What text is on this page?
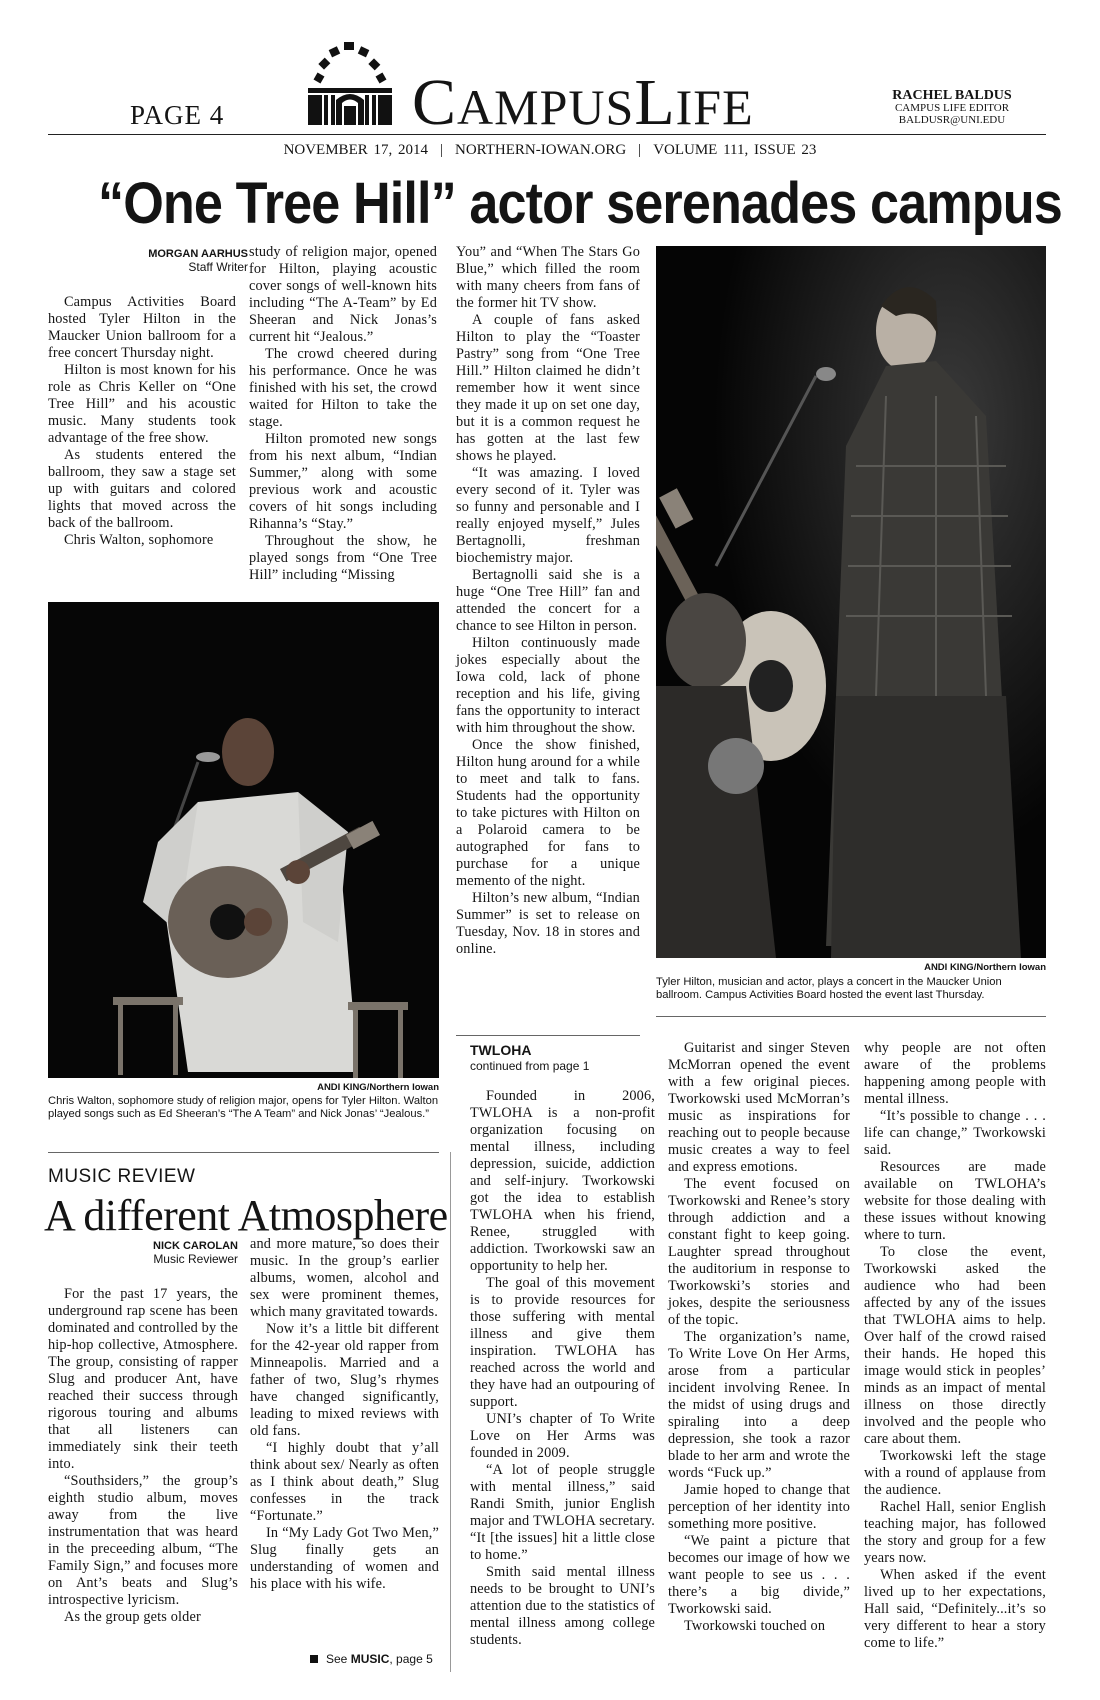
PAGE 4	CAMPUSLIFE	RACHEL BALDUS
CAMPUS LIFE EDITOR
BALDUSR@UNI.EDU
NOVEMBER 17, 2014 | NORTHERN-IOWAN.ORG | VOLUME 111, ISSUE 23
“One Tree Hill” actor serenades campus
MORGAN AARHUS
Staff Writer

Campus Activities Board hosted Tyler Hilton in the Maucker Union ballroom for a free concert Thursday night.

Hilton is most known for his role as Chris Keller on “One Tree Hill” and his acoustic music. Many students took advantage of the free show.

As students entered the ballroom, they saw a stage set up with guitars and colored lights that moved across the back of the ballroom.

Chris Walton, sophomore

study of religion major, opened for Hilton, playing acoustic cover songs of well-known hits including “The A-Team” by Ed Sheeran and Nick Jonas’s current hit “Jealous.”

The crowd cheered during his performance. Once he was finished with his set, the crowd waited for Hilton to take the stage.

Hilton promoted new songs from his next album, “Indian Summer,” along with some previous work and acoustic covers of hit songs including Rihanna’s “Stay.”

Throughout the show, he played songs from “One Tree Hill” including “Missing

You” and “When The Stars Go Blue,” which filled the room with many cheers from fans of the former hit TV show.

A couple of fans asked Hilton to play the “Toaster Pastry” song from “One Tree Hill.” Hilton claimed he didn’t remember how it went since they made it up on set one day, but it is a common request he has gotten at the last few shows he played.

“It was amazing. I loved every second of it. Tyler was so funny and personable and I really enjoyed myself,” Jules Bertagnolli, freshman biochemistry major.

Bertagnolli said she is a huge “One Tree Hill” fan and attended the concert for a chance to see Hilton in person.

Hilton continuously made jokes especially about the Iowa cold, lack of phone reception and his life, giving fans the opportunity to interact with him throughout the show.

Once the show finished, Hilton hung around for a while to meet and talk to fans. Students had the opportunity to take pictures with Hilton on a Polaroid camera to be autographed for fans to purchase for a unique memento of the night.

Hilton’s new album, “Indian Summer” is set to release on Tuesday, Nov. 18 in stores and online.

ANDI KING/Northern Iowan
Tyler Hilton, musician and actor, plays a concert in the Maucker Union ballroom. Campus Activities Board hosted the event last Thursday.
ANDI KING/Northern Iowan
Chris Walton, sophomore study of religion major, opens for Tyler Hilton. Walton played songs such as Ed Sheeran’s “The A Team” and Nick Jonas’ “Jealous.”
MUSIC REVIEW
A different Atmosphere
NICK CAROLAN
Music Reviewer

For the past 17 years, the underground rap scene has been dominated and controlled by the hip-hop collective, Atmosphere. The group, consisting of rapper Slug and producer Ant, have reached their success through rigorous touring and albums that all listeners can immediately sink their teeth into.

“Southsiders,” the group’s eighth studio album, moves away from the live instrumentation that was heard in the preceeding album, “The Family Sign,” and focuses more on Ant’s beats and Slug’s introspective lyricism.

As the group gets older

and more mature, so does their music. In the group’s earlier albums, women, alcohol and sex were prominent themes, which many gravitated towards.

Now it’s a little bit different for the 42-year old rapper from Minneapolis. Married and a father of two, Slug’s rhymes have changed significantly, leading to mixed reviews with old fans.

“I highly doubt that y’all think about sex/ Nearly as often as I think about death,” Slug confesses in the track “Fortunate.”

In “My Lady Got Two Men,” Slug finally gets an understanding of women and his place with his wife.

See MUSIC, page 5
TWLOHA
continued from page 1

Founded in 2006, TWLOHA is a non-profit organization focusing on mental illness, including depression, suicide, addiction and self-injury. Tworkowski got the idea to establish TWLOHA when his friend, Renee, struggled with addiction. Tworkowski saw an opportunity to help her.

The goal of this movement is to provide resources for those suffering with mental illness and give them inspiration. TWLOHA has reached across the world and they have had an outpouring of support.

UNI’s chapter of To Write Love on Her Arms was founded in 2009.

“A lot of people struggle with mental illness,” said Randi Smith, junior English major and TWLOHA secretary. “It [the issues] hit a little close to home.”

Smith said mental illness needs to be brought to UNI’s attention due to the statistics of mental illness among college students.

Guitarist and singer Steven McMorran opened the event with a few original pieces. Tworkowski used McMorran’s music as inspirations for reaching out to people because music creates a way to feel and express emotions.

The event focused on Tworkowski and Renee’s story through addiction and a constant fight to keep going. Laughter spread throughout the auditorium in response to Tworkowski’s stories and jokes, despite the seriousness of the topic.

The organization’s name, To Write Love On Her Arms, arose from a particular incident involving Renee. In the midst of using drugs and spiraling into a deep depression, she took a razor blade to her arm and wrote the words “Fuck up.”

Jamie hoped to change that perception of her identity into something more positive.

“We paint a picture that becomes our image of how we want people to see us . . . there’s a big divide,” Tworkowski said.

Tworkowski touched on

why people are not often aware of the problems happening among people with mental illness.

“It’s possible to change . . . life can change,” Tworkowski said.

Resources are made available on TWLOHA’s website for those dealing with these issues without knowing where to turn.

To close the event, Tworkowski asked the audience who had been affected by any of the issues that TWLOHA aims to help. Over half of the crowd raised their hands. He hoped this image would stick in peoples’ minds as an impact of mental illness on those directly involved and the people who care about them.

Tworkowski left the stage with a round of applause from the audience.

Rachel Hall, senior English teaching major, has followed the story and group for a few years now.

When asked if the event lived up to her expectations, Hall said, “Definitely...it’s so very different to hear a story come to life.”
